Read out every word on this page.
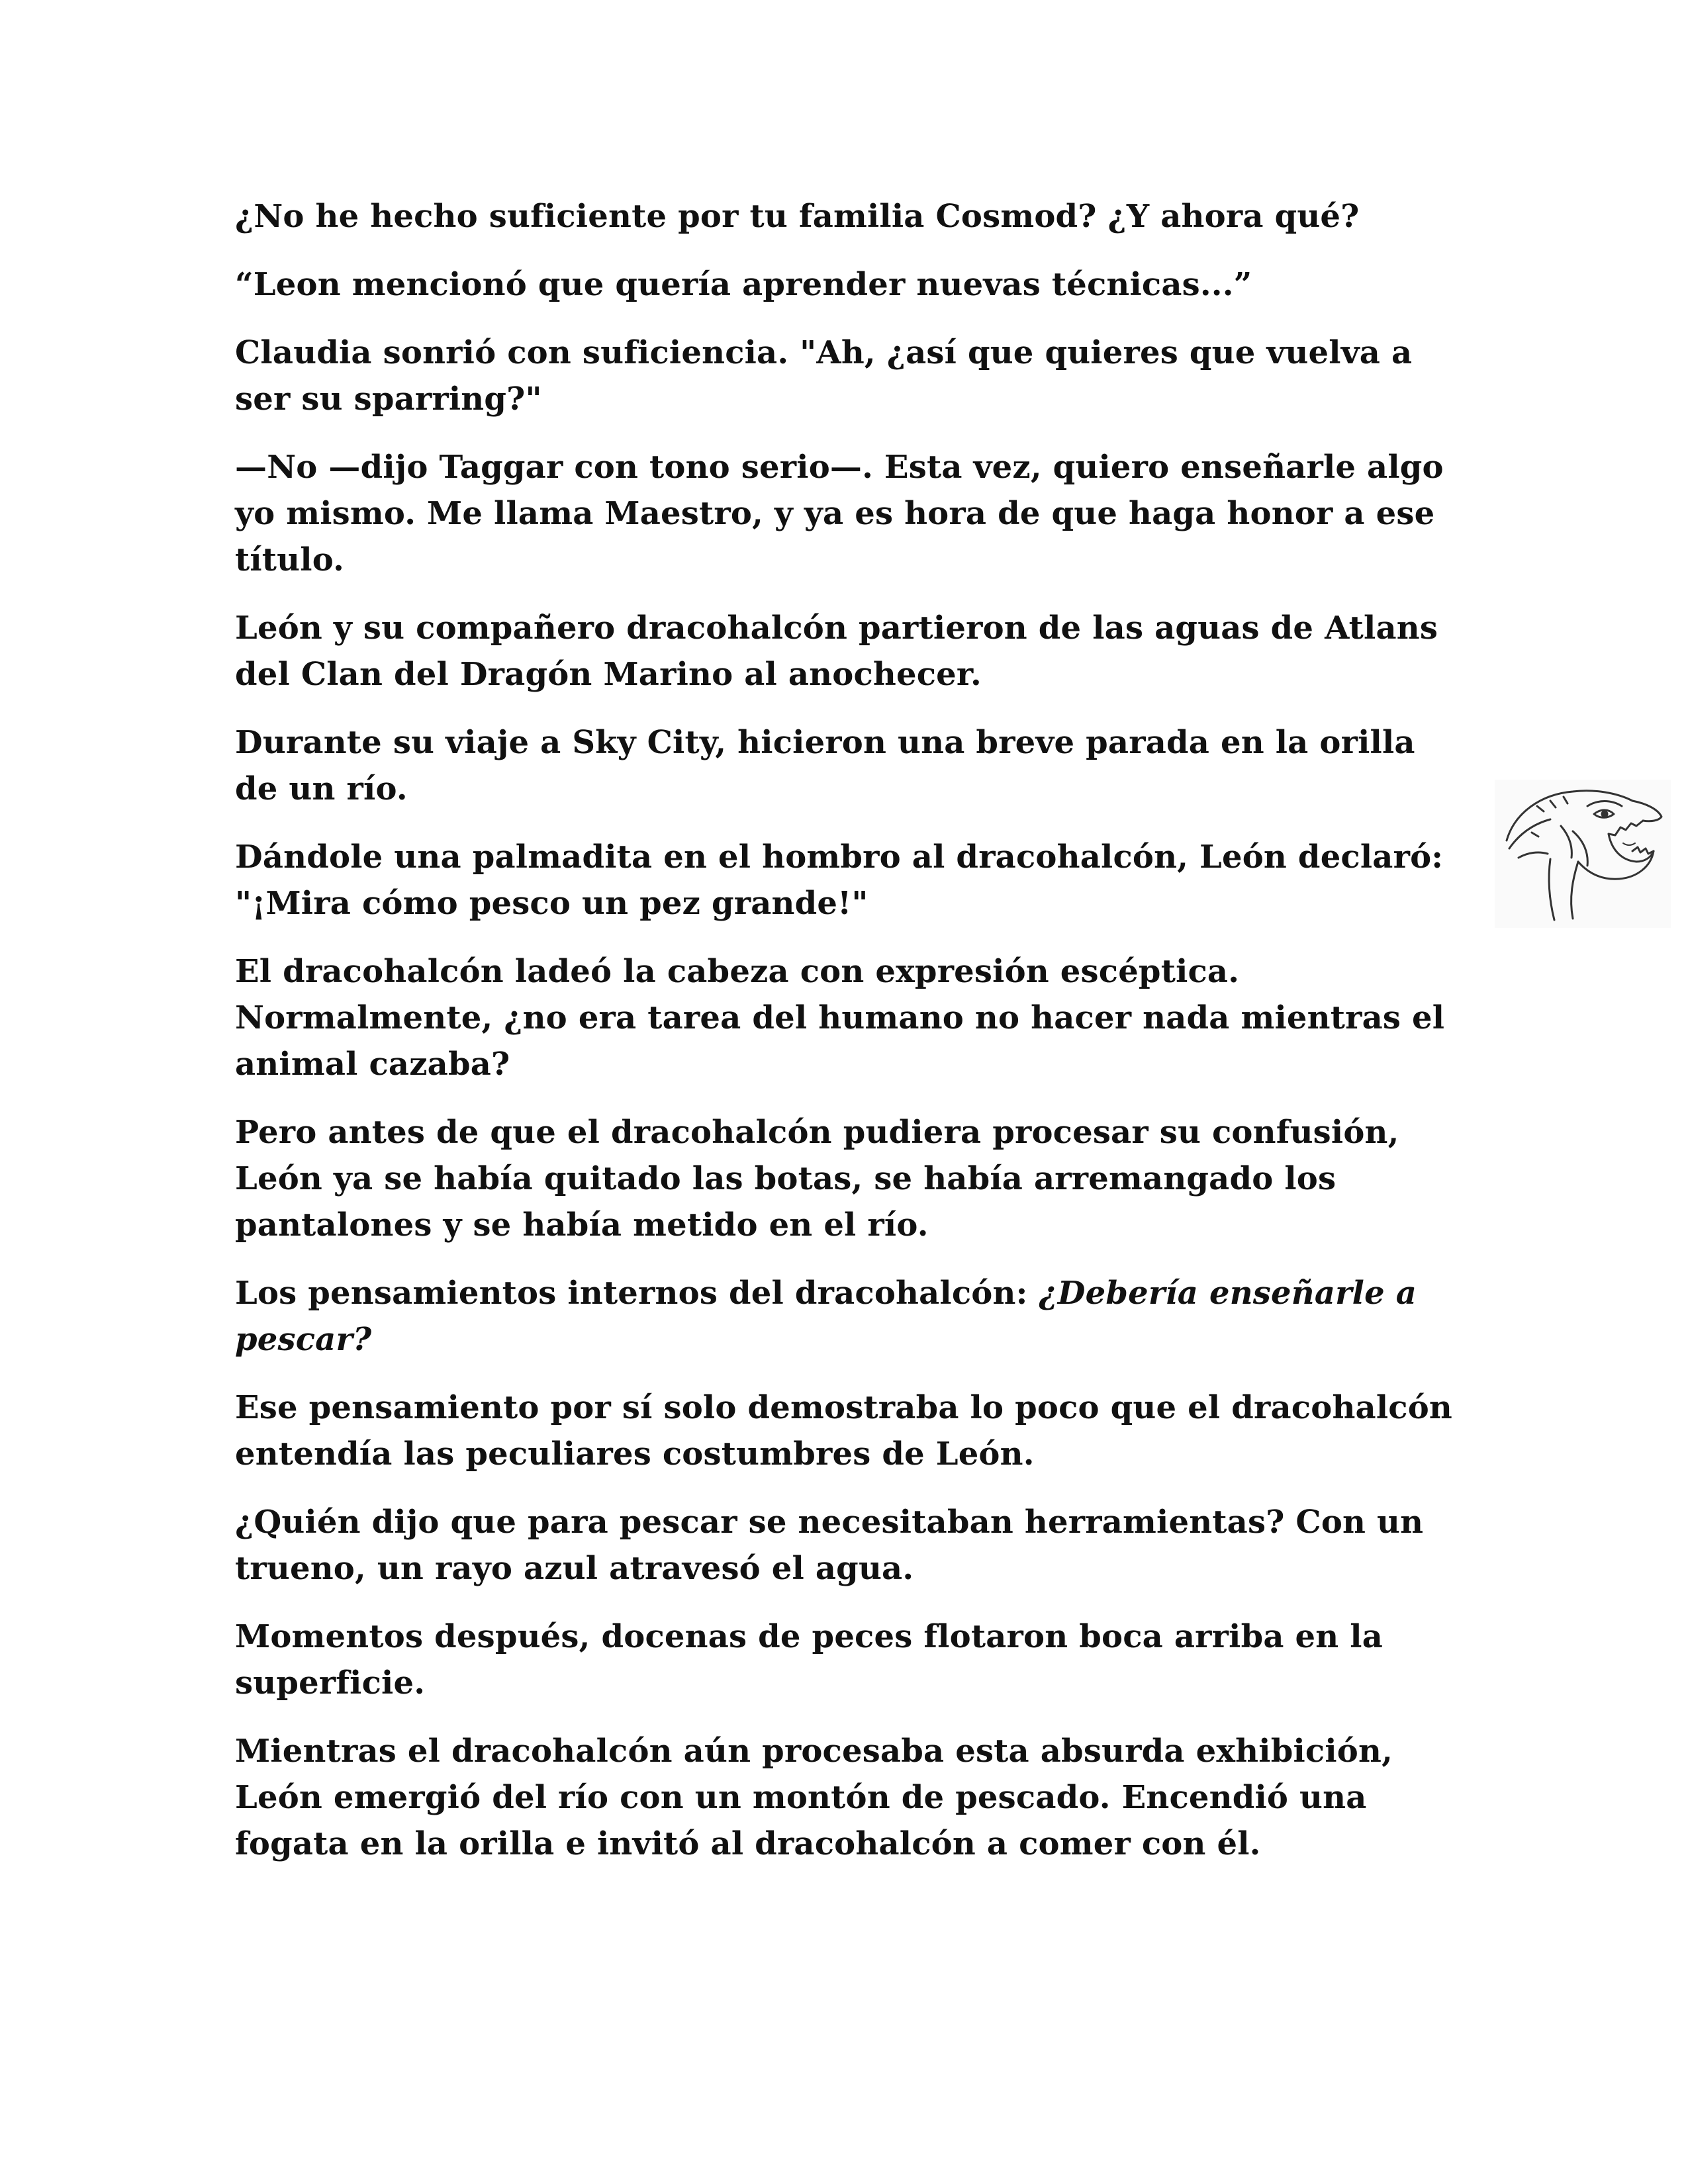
¿No he hecho suficiente por tu familia Cosmod? ¿Y ahora qué?

“Leon mencionó que quería aprender nuevas técnicas...”

Claudia sonrió con suficiencia. "Ah, ¿así que quieres que vuelva a ser su sparring?"

—No —dijo Taggar con tono serio—. Esta vez, quiero enseñarle algo yo mismo. Me llama Maestro, y ya es hora de que haga honor a ese título.

León y su compañero dracohalcón partieron de las aguas de Atlans del Clan del Dragón Marino al anochecer.

Durante su viaje a Sky City, hicieron una breve parada en la orilla de un río.

Dándole una palmadita en el hombro al dracohalcón, León declaró: "¡Mira cómo pesco un pez grande!"

El dracohalcón ladeó la cabeza con expresión escéptica. Normalmente, ¿no era tarea del humano no hacer nada mientras el animal cazaba?

Pero antes de que el dracohalcón pudiera procesar su confusión, León ya se había quitado las botas, se había arremangado los pantalones y se había metido en el río.

Los pensamientos internos del dracohalcón: ¿Debería enseñarle a pescar?

Ese pensamiento por sí solo demostraba lo poco que el dracohalcón entendía las peculiares costumbres de León.

¿Quién dijo que para pescar se necesitaban herramientas? Con un trueno, un rayo azul atravesó el agua.

Momentos después, docenas de peces flotaron boca arriba en la superficie.

Mientras el dracohalcón aún procesaba esta absurda exhibición, León emergió del río con un montón de pescado. Encendió una fogata en la orilla e invitó al dracohalcón a comer con él.
